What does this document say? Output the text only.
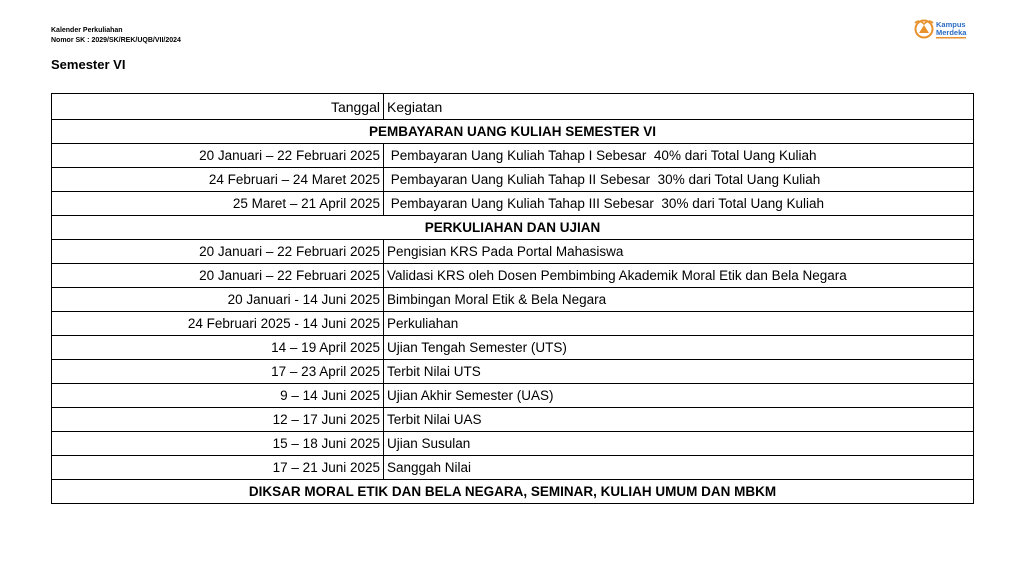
Kalender Perkuliahan
Nomor SK : 2029/SK/REK/UQB/VII/2024
Semester VI
Kampus
Merdeka
Tanggal	Kegiatan
PEMBAYARAN UANG KULIAH SEMESTER VI	
20 Januari – 22 Februari 2025	Pembayaran Uang Kuliah Tahap I Sebesar  40% dari Total Uang Kuliah
24 Februari – 24 Maret 2025	Pembayaran Uang Kuliah Tahap II Sebesar  30% dari Total Uang Kuliah
25 Maret – 21 April 2025	Pembayaran Uang Kuliah Tahap III Sebesar  30% dari Total Uang Kuliah
PERKULIAHAN DAN UJIAN	
20 Januari – 22 Februari 2025	Pengisian KRS Pada Portal Mahasiswa
20 Januari – 22 Februari 2025	Validasi KRS oleh Dosen Pembimbing Akademik Moral Etik dan Bela Negara
20 Januari - 14 Juni 2025	Bimbingan Moral Etik & Bela Negara
24 Februari 2025 - 14 Juni 2025	Perkuliahan
14 – 19 April 2025	Ujian Tengah Semester (UTS)
17 – 23 April 2025	Terbit Nilai UTS
9 – 14 Juni 2025	Ujian Akhir Semester (UAS)
12 – 17 Juni 2025	Terbit Nilai UAS
15 – 18 Juni 2025	Ujian Susulan
17 – 21 Juni 2025	Sanggah Nilai
DIKSAR MORAL ETIK DAN BELA NEGARA, SEMINAR, KULIAH UMUM DAN MBKM	
